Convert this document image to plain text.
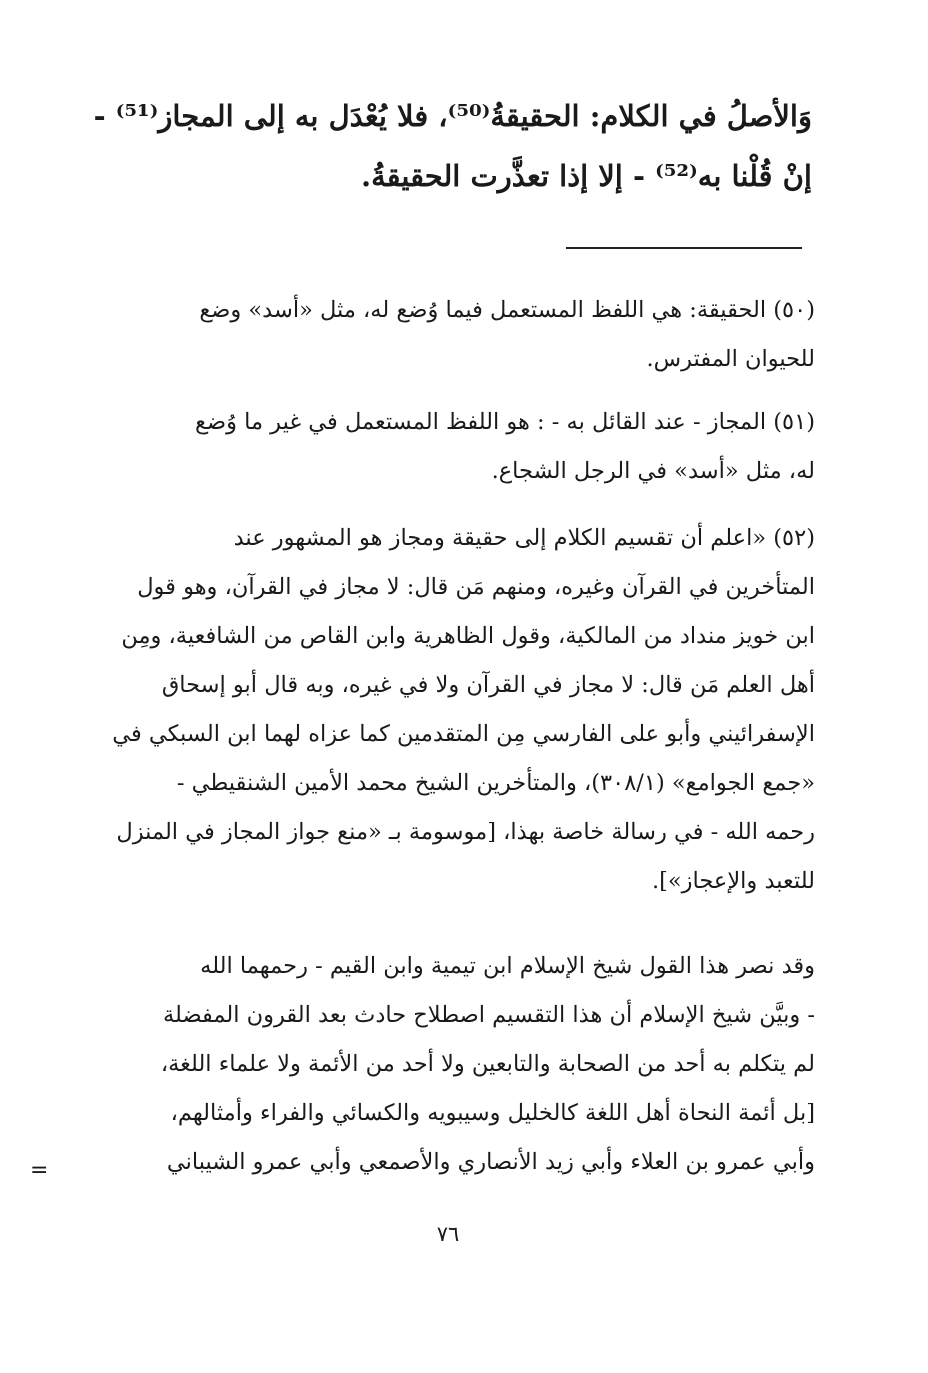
وَالأصلُ في الكلام: الحقيقةُ⁽⁵⁰⁾، فلا يُعْدَل به إلى المجاز⁽⁵¹⁾ -
إنْ قُلْنا به⁽⁵²⁾ - إلا إذا تعذَّرت الحقيقةُ.
(٥٠) الحقيقة: هي اللفظ المستعمل فيما وُضع له، مثل «أسد» وضع
للحيوان المفترس.
(٥١) المجاز - عند القائل به - : هو اللفظ المستعمل في غير ما وُضع
له، مثل «أسد» في الرجل الشجاع.
(٥٢) «اعلم أن تقسيم الكلام إلى حقيقة ومجاز هو المشهور عند
المتأخرين في القرآن وغيره، ومنهم مَن قال: لا مجاز في القرآن، وهو قول
ابن خويز منداد من المالكية، وقول الظاهرية وابن القاص من الشافعية، ومِن
أهل العلم مَن قال: لا مجاز في القرآن ولا في غيره، وبه قال أبو إسحاق
الإسفرائيني وأبو على الفارسي مِن المتقدمين كما عزاه لهما ابن السبكي في
«جمع الجوامع» (٣٠٨/١)، والمتأخرين الشيخ محمد الأمين الشنقيطي -
رحمه الله - في رسالة خاصة بهذا، [موسومة بـ «منع جواز المجاز في المنزل
للتعبد والإعجاز»].
وقد نصر هذا القول شيخ الإسلام ابن تيمية وابن القيم - رحمهما الله
- وبيَّن شيخ الإسلام أن هذا التقسيم اصطلاح حادث بعد القرون المفضلة
لم يتكلم به أحد من الصحابة والتابعين ولا أحد من الأئمة ولا علماء اللغة،
[بل أئمة النحاة أهل اللغة كالخليل وسيبويه والكسائي والفراء وأمثالهم،
وأبي عمرو بن العلاء وأبي زيد الأنصاري والأصمعي وأبي عمرو الشيباني
=
٧٦
